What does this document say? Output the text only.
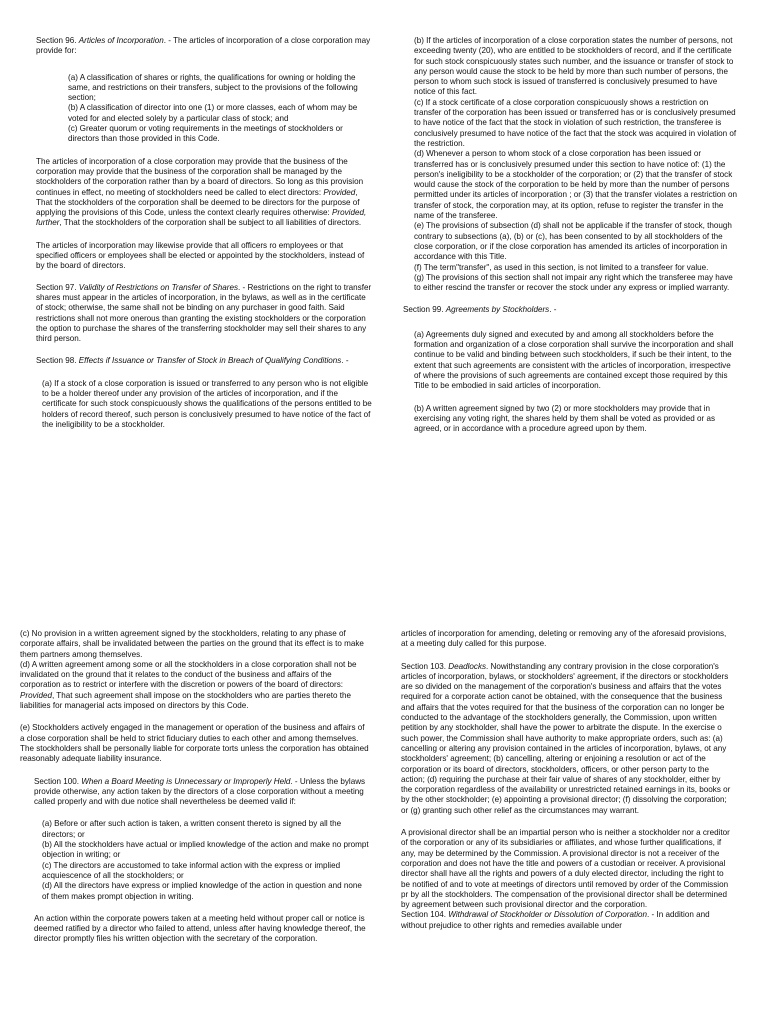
Section 96. Articles of Incorporation. - The articles of incorporation of a close corporation may provide for:

(a) A classification of shares or rights, the qualifications for owning or holding the same, and restrictions on their transfers, subject to the provisions of the following section;

(b) A classification of director into one (1) or more classes, each of whom may be voted for and elected solely by a particular class of stock; and

(c) Greater quorum or voting requirements in the meetings of stockholders or directors than those provided in this Code.

The articles of incorporation of a close corporation may provide that the business of the corporation may provide that the business of the corporation shall be managed by the stockholders of the corporation rather than by a board of directors. So long as this provision continues in effect, no meeting of stockholders need be called to elect directors: Provided, That the stockholders of the corporation shall be deemed to be directors for the purpose of applying the provisions of this Code, unless the context clearly requires otherwise: Provided, further, That the stockholders of the corporation shall be subject to all liabilities of directors.

The articles of incorporation may likewise provide that all officers ro employees or that specified officers or employees shall be elected or appointed by the stockholders, instead of by the board of directors.

Section 97. Validity of Restrictions on Transfer of Shares. - Restrictions on the right to transfer shares must appear in the articles of incorporation, in the bylaws, as well as in the certificate of stock; otherwise, the same shall not be binding on any purchaser in good faith. Said restrictions shall not more onerous than granting the existing stockholders or the corporation the option to purchase the shares of the transferring stockholder may sell their shares to any third person.

Section 98. Effects if Issuance or Transfer of Stock in Breach of Qualifying Conditions. -

(a) If a stock of a close corporation is issued or transferred to any person who is not eligible to be a holder thereof under any provision of the articles of incorporation, and if the certificate for such stock conspicuously shows the qualifications of the persons entitled to be holders of record thereof, such person is conclusively presumed to have notice of the fact of the ineligibility to be a stockholder.

(b) If the articles of incorporation of a close corporation states the number of persons, not exceeding twenty (20), who are entitled to be stockholders of record, and if the certificate for such stock conspicuously states such number, and the issuance or transfer of stock to any person would cause the stock to be held by more than such number of persons, the person to whom such stock is issued of transferred is conclusively presumed to have notice of this fact.

(c) If a stock certificate of a close corporation conspicuously shows a restriction on transfer of the corporation has been issued or transferred has or is conclusively presumed to have notice of the fact that the stock in violation of such restriction, the transferee is conclusively presumed to have notice of the fact that the stock was acquired in violation of the restriction.

(d) Whenever a person to whom stock of a close corporation has been issued or transferred has or is conclusively presumed under this section to have notice of: (1) the person's ineligibility to be a stockholder of the corporation; or (2) that the transfer of stock would cause the stock of the corporation to be held by more than the number of persons permitted under its articles of incorporation ; or (3) that the transfer violates a restriction on transfer of stock, the corporation may, at its option, refuse to register the transfer in the name of the transferee.

(e) The provisions of subsection (d) shall not be applicable if the transfer of stock, though contrary to subsections (a), (b) or (c), has been consented to by all stockholders of the close corporation, or if the close corporation has amended its articles of incorporation in accordance with this Title.

(f) The term"transfer", as used in this section, is not limited to a transfeer for value.

(g) The provisions of this section shall not impair any right which the transferee may have to either rescind the transfer or recover the stock under any express or implied warranty.

Section 99. Agreements by Stockholders. -

(a) Agreements duly signed and executed by and among all stockholders before the formation and organization of a close corporation shall survive the incorporation and shall continue to be valid and binding between such stockholders, if such be their intent, to the extent that such agreements are consistent with the articles of incorporation, irrespective of where the provisions of such agreements are contained except those required by this Title to be embodied in said articles of incorporation.

(b) A written agreement signed by two (2) or more stockholders may provide that in exercising any voting right, the shares held by them shall be voted as provided or as agreed, or in accordance with a procedure agreed upon by them.

(c) No provision in a written agreement signed by the stockholders, relating to any phase of corporate affairs, shall be invalidated between the parties on the ground that its effect is to make them partners among themselves.

(d) A written agreement among some or all the stockholders in a close corporation shall not be invalidated on the ground that it relates to the conduct of the business and affairs of the corporation as to restrict or interfere with the discretion or powers of the board of directors: Provided, That such agreement shall impose on the stockholders who are parties thereto the liabilities for managerial acts imposed on directors by this Code.

(e) Stockholders actively engaged in the management or operation of the business and affairs of a close corporation shall be held to strict fiduciary duties to each other and among themselves. The stockholders shall be personally liable for corporate torts unless the corporation has obtained reasonably adequate liability insurance.

Section 100. When a Board Meeting is Unnecessary or Improperly Held. - Unless the bylaws provide otherwise, any action taken by the directors of a close corporation without a meeting called properly and with due notice shall nevertheless be deemed valid if:

(a) Before or after such action is taken, a written consent thereto is signed by all the directors; or

(b) All the stockholders have actual or implied knowledge of the action and make no prompt objection in writing; or

(c) The directors are accustomed to take informal action with the express or implied acquiescence of all the stockholders; or

(d) All the directors have express or implied knowledge of the action in question and none of them makes prompt objection in writing.

An action within the corporate powers taken at a meeting held without proper call or notice is deemed ratified by a director who failed to attend, unless after having knowledge thereof, the director promptly files his written objection with the secretary of the corporation.

articles of incorporation for amending, deleting or removing any of the aforesaid provisions, at a meeting duly called for this purpose.

Section 103. Deadlocks. Nowithstanding any contrary provision in the close corporation's articles of incorporation, bylaws, or stockholders' agreement, if the directors or stockholders are so divided on the management of the corporation's business and affairs that the votes required for a corporate action canot be obtained, with the consequence that the business and affairs that the votes required for that the business of the corporation can no longer be conducted to the advantage of the stockholders generally, the Commission, upon written petition by any stockholder, shall have the power to arbitrate the dispute. In the exercise o such power, the Commission shall have authority to make appropriate orders, such as: (a) cancelling or altering any provision contained in the articles of incorporation, bylaws, ot any stockholders' agreement; (b) cancelling, altering or enjoining a resolution or act of the corporation or its board of directors, stockholders, officers, or other person party to the action; (d) requiring the purchase at their fair value of shares of any stockholder, either by the corporation regardless of the availability or unrestricted retained earnings in its, books or by the other stockholder; (e) appointing a provisional director; (f) dissolving the corporation; or (g) granting such other relief as the circumstances may warrant.

A provisional director shall be an impartial person who is neither a stockholder nor a creditor of the corporation or any of its subsidiaries or affiliates, and whose further qualifications, if any, may be determined by the Commission. A provisional director is not a receiver of the corporation and does not have the title and powers of a custodian or receiver. A provisional director shall have all the rights and powers of a duly elected director, including the right to be notified of and to vote at meetings of directors until removed by order of the Commission pr by all the stockholders. The compensation of the provisional director shall be determined by agreement between such provisional director and the corporation.

Section 104. Withdrawal of Stockholder or Dissolution of Corporation. - In addition and without prejudice to other rights and remedies available under
